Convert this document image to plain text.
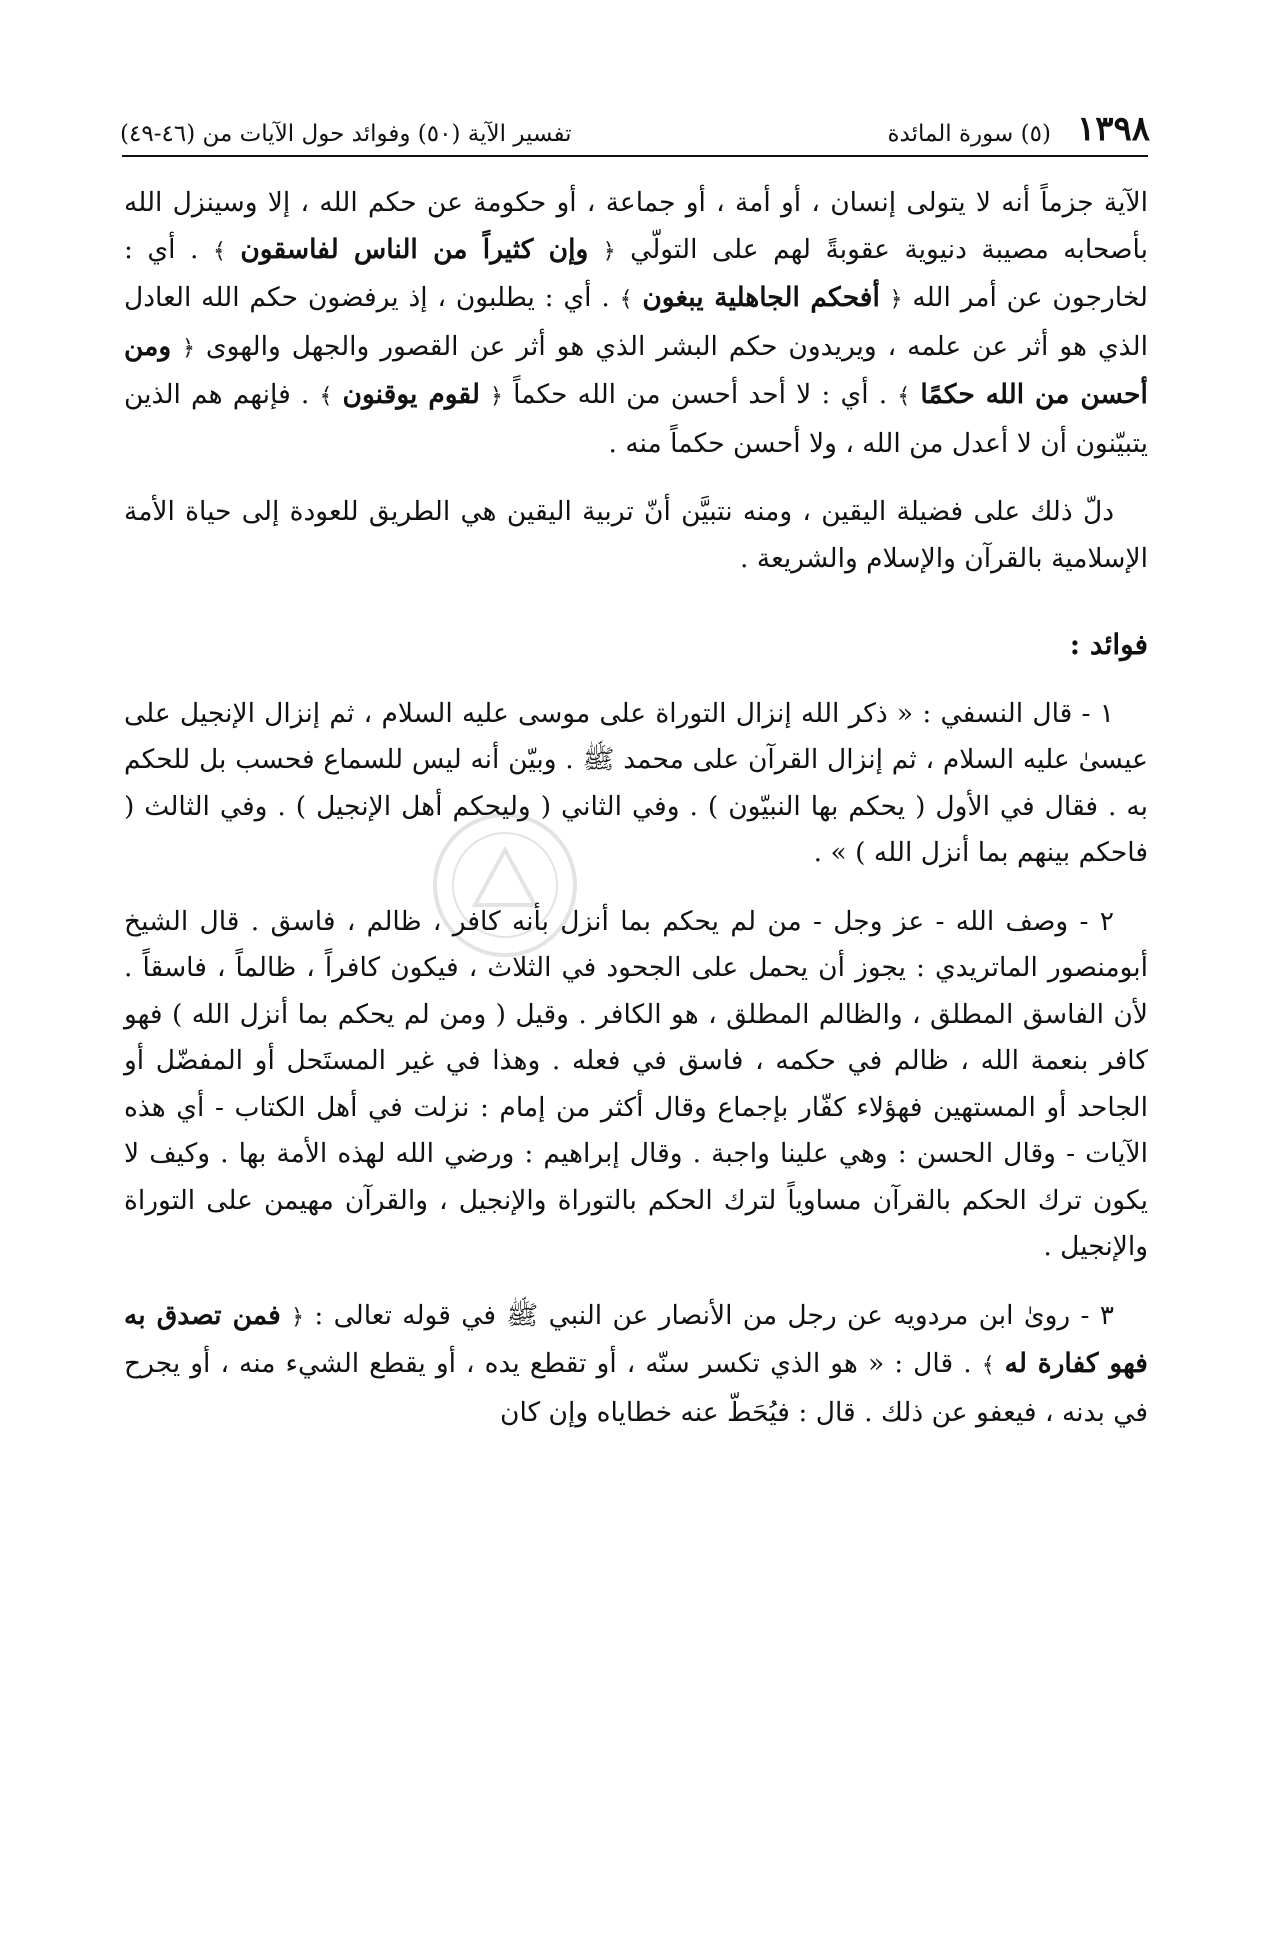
١٣٩٨
(٥) سورة المائدة
تفسير الآية (٥٠) وفوائد حول الآيات من (٤٦-٤٩)

الآية جزماً أنه لا يتولى إنسان ، أو أمة ، أو جماعة ، أو حكومة عن حكم الله ، إلا وسينزل الله بأصحابه مصيبة دنيوية عقوبةً لهم على التولّي ﴿ وإن كثيراً من الناس لفاسقون ﴾ . أي : لخارجون عن أمر الله ﴿ أفحكم الجاهلية يبغون ﴾ . أي : يطلبون ، إذ يرفضون حكم الله العادل الذي هو أثر عن علمه ، ويريدون حكم البشر الذي هو أثر عن القصور والجهل والهوى ﴿ ومن أحسن من الله حكمًا ﴾ . أي : لا أحد أحسن من الله حكماً ﴿ لقوم يوقنون ﴾ . فإنهم هم الذين يتبيّنون أن لا أعدل من الله ، ولا أحسن حكماً منه .

دلّ ذلك على فضيلة اليقين ، ومنه نتبيَّن أنّ تربية اليقين هي الطريق للعودة إلى حياة الأمة الإسلامية بالقرآن والإسلام والشريعة .

فوائد :

١ - قال النسفي : « ذكر الله إنزال التوراة على موسى عليه السلام ، ثم إنزال الإنجيل على عيسىٰ عليه السلام ، ثم إنزال القرآن على محمد ﷺ . وبيّن أنه ليس للسماع فحسب بل للحكم به . فقال في الأول ( يحكم بها النبيّون ) . وفي الثاني ( وليحكم أهل الإنجيل ) . وفي الثالث ( فاحكم بينهم بما أنزل الله ) » .

٢ - وصف الله - عز وجل - من لم يحكم بما أنزل بأنه كافر ، ظالم ، فاسق . قال الشيخ أبومنصور الماتريدي : يجوز أن يحمل على الجحود في الثلاث ، فيكون كافراً ، ظالماً ، فاسقاً . لأن الفاسق المطلق ، والظالم المطلق ، هو الكافر . وقيل ( ومن لم يحكم بما أنزل الله ) فهو كافر بنعمة الله ، ظالم في حكمه ، فاسق في فعله . وهذا في غير المستَحل أو المفضّل أو الجاحد أو المستهين فهؤلاء كفّار بإجماع وقال أكثر من إمام : نزلت في أهل الكتاب - أي هذه الآيات - وقال الحسن : وهي علينا واجبة . وقال إبراهيم : ورضي الله لهذه الأمة بها . وكيف لا يكون ترك الحكم بالقرآن مساوياً لترك الحكم بالتوراة والإنجيل ، والقرآن مهيمن على التوراة والإنجيل .

٣ - روىٰ ابن مردويه عن رجل من الأنصار عن النبي ﷺ في قوله تعالى : ﴿ فمن تصدق به فهو كفارة له ﴾ . قال : « هو الذي تكسر سنّه ، أو تقطع يده ، أو يقطع الشيء منه ، أو يجرح في بدنه ، فيعفو عن ذلك . قال : فيُحَطّ عنه خطاياه وإن كان
